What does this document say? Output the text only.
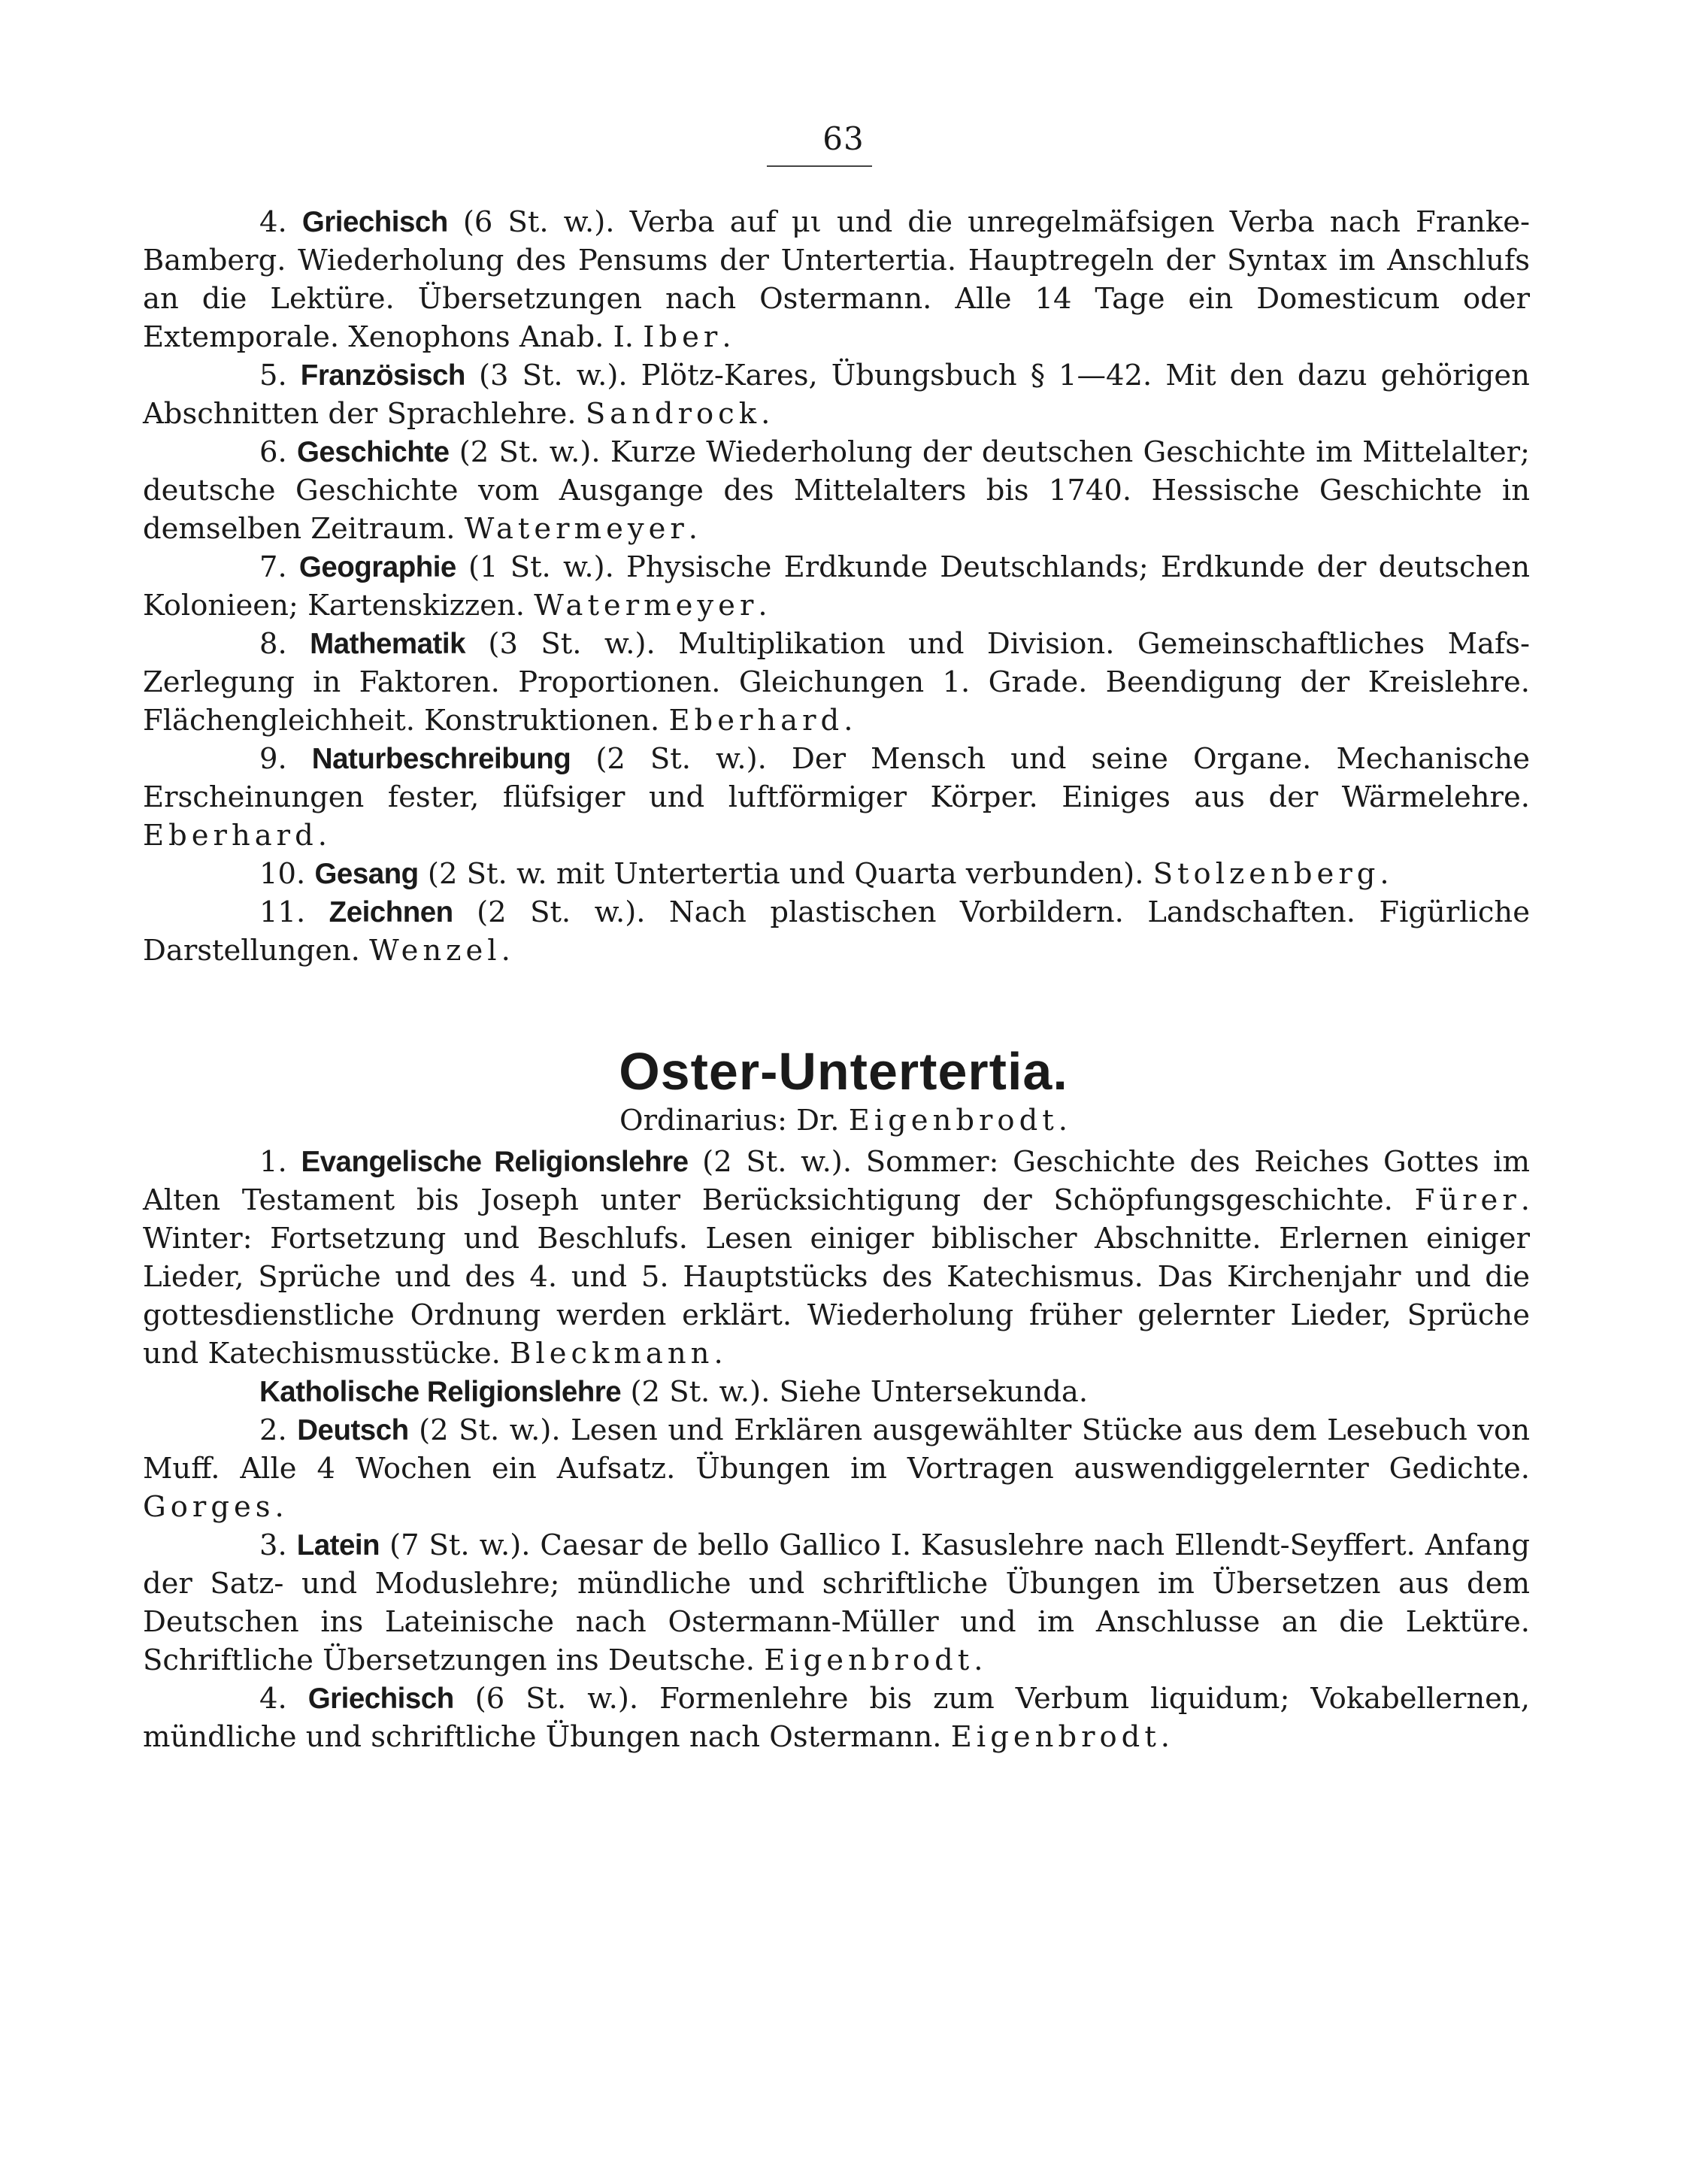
63

4. Griechisch (6 St. w.). Verba auf μι und die unregelmäfsigen Verba nach Franke-Bamberg. Wiederholung des Pensums der Untertertia. Hauptregeln der Syntax im Anschlufs an die Lektüre. Übersetzungen nach Ostermann. Alle 14 Tage ein Domesticum oder Extemporale. Xenophons Anab. I. Iber.

5. Französisch (3 St. w.). Plötz-Kares, Übungsbuch § 1—42. Mit den dazu gehörigen Abschnitten der Sprachlehre. Sandrock.

6. Geschichte (2 St. w.). Kurze Wiederholung der deutschen Geschichte im Mittelalter; deutsche Geschichte vom Ausgange des Mittelalters bis 1740. Hessische Geschichte in demselben Zeitraum. Watermeyer.

7. Geographie (1 St. w.). Physische Erdkunde Deutschlands; Erdkunde der deutschen Kolonieen; Kartenskizzen. Watermeyer.

8. Mathematik (3 St. w.). Multiplikation und Division. Gemeinschaftliches Mafs-Zerlegung in Faktoren. Proportionen. Gleichungen 1. Grade. Beendigung der Kreislehre. Flächengleichheit. Konstruktionen. Eberhard.

9. Naturbeschreibung (2 St. w.). Der Mensch und seine Organe. Mechanische Erscheinungen fester, flüfsiger und luftförmiger Körper. Einiges aus der Wärmelehre. Eberhard.

10. Gesang (2 St. w. mit Untertertia und Quarta verbunden). Stolzenberg.

11. Zeichnen (2 St. w.). Nach plastischen Vorbildern. Landschaften. Figürliche Darstellungen. Wenzel.

Oster-Untertertia.
Ordinarius: Dr. Eigenbrodt.

1. Evangelische Religionslehre (2 St. w.). Sommer: Geschichte des Reiches Gottes im Alten Testament bis Joseph unter Berücksichtigung der Schöpfungsgeschichte. Fürer. Winter: Fortsetzung und Beschlufs. Lesen einiger biblischer Abschnitte. Erlernen einiger Lieder, Sprüche und des 4. und 5. Hauptstücks des Katechismus. Das Kirchenjahr und die gottesdienstliche Ordnung werden erklärt. Wiederholung früher gelernter Lieder, Sprüche und Katechismusstücke. Bleckmann.

Katholische Religionslehre (2 St. w.). Siehe Untersekunda.

2. Deutsch (2 St. w.). Lesen und Erklären ausgewählter Stücke aus dem Lesebuch von Muff. Alle 4 Wochen ein Aufsatz. Übungen im Vortragen auswendiggelernter Gedichte. Gorges.

3. Latein (7 St. w.). Caesar de bello Gallico I. Kasuslehre nach Ellendt-Seyffert. Anfang der Satz- und Moduslehre; mündliche und schriftliche Übungen im Übersetzen aus dem Deutschen ins Lateinische nach Ostermann-Müller und im Anschlusse an die Lektüre. Schriftliche Übersetzungen ins Deutsche. Eigenbrodt.

4. Griechisch (6 St. w.). Formenlehre bis zum Verbum liquidum; Vokabellernen, mündliche und schriftliche Übungen nach Ostermann. Eigenbrodt.
